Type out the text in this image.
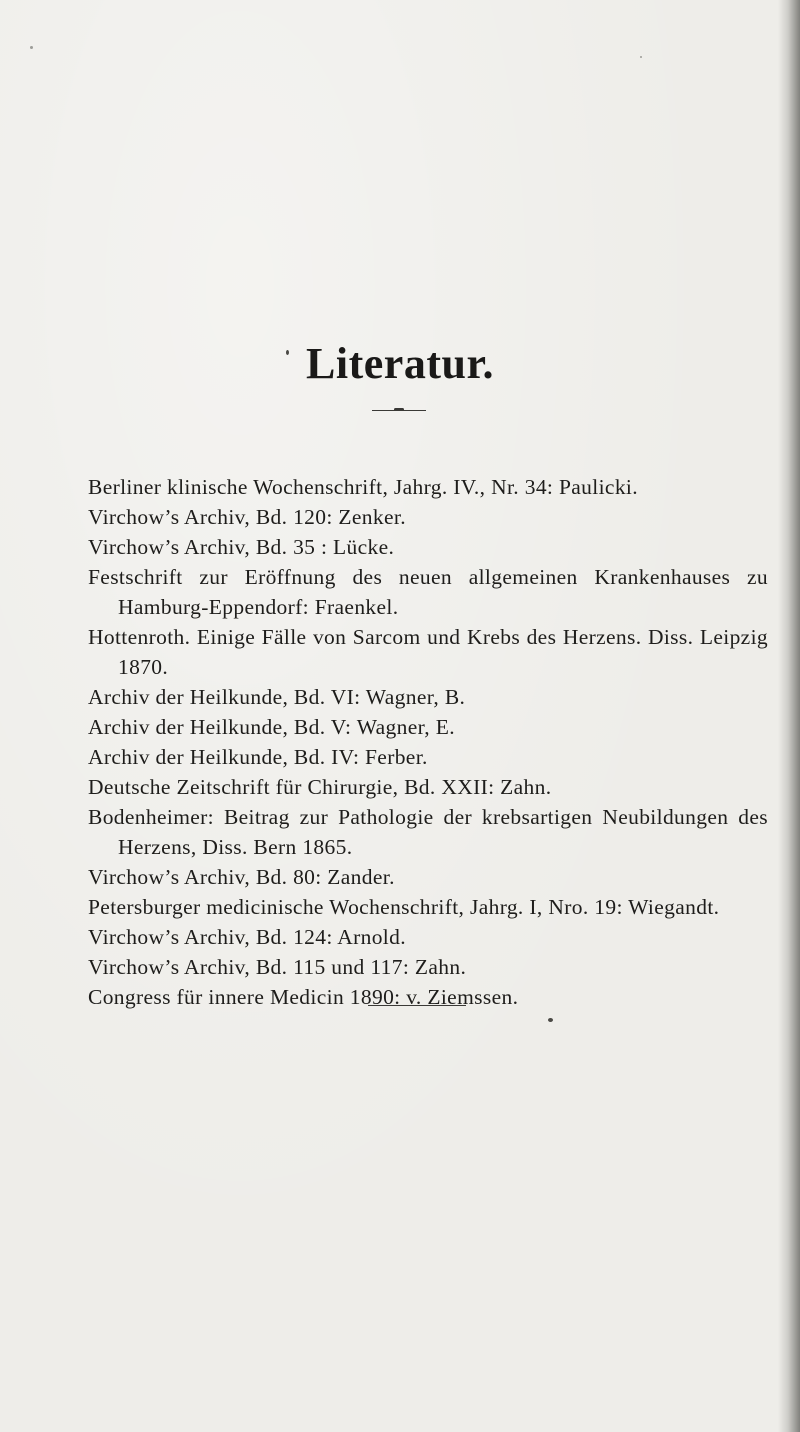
Literatur.
Berliner klinische Wochenschrift, Jahrg. IV., Nr. 34: Paulicki.
Virchow’s Archiv, Bd. 120: Zenker.
Virchow’s Archiv, Bd. 35 : Lücke.
Festschrift zur Eröffnung des neuen allgemeinen Krankenhauses zu Hamburg-Eppendorf: Fraenkel.
Hottenroth. Einige Fälle von Sarcom und Krebs des Herzens. Diss. Leipzig 1870.
Archiv der Heilkunde, Bd. VI: Wagner, B.
Archiv der Heilkunde, Bd. V: Wagner, E.
Archiv der Heilkunde, Bd. IV: Ferber.
Deutsche Zeitschrift für Chirurgie, Bd. XXII: Zahn.
Bodenheimer: Beitrag zur Pathologie der krebsartigen Neubildungen des Herzens, Diss. Bern 1865.
Virchow’s Archiv, Bd. 80: Zander.
Petersburger medicinische Wochenschrift, Jahrg. I, Nro. 19: Wiegandt.
Virchow’s Archiv, Bd. 124: Arnold.
Virchow’s Archiv, Bd. 115 und 117: Zahn.
Congress für innere Medicin 1890: v. Ziemssen.
